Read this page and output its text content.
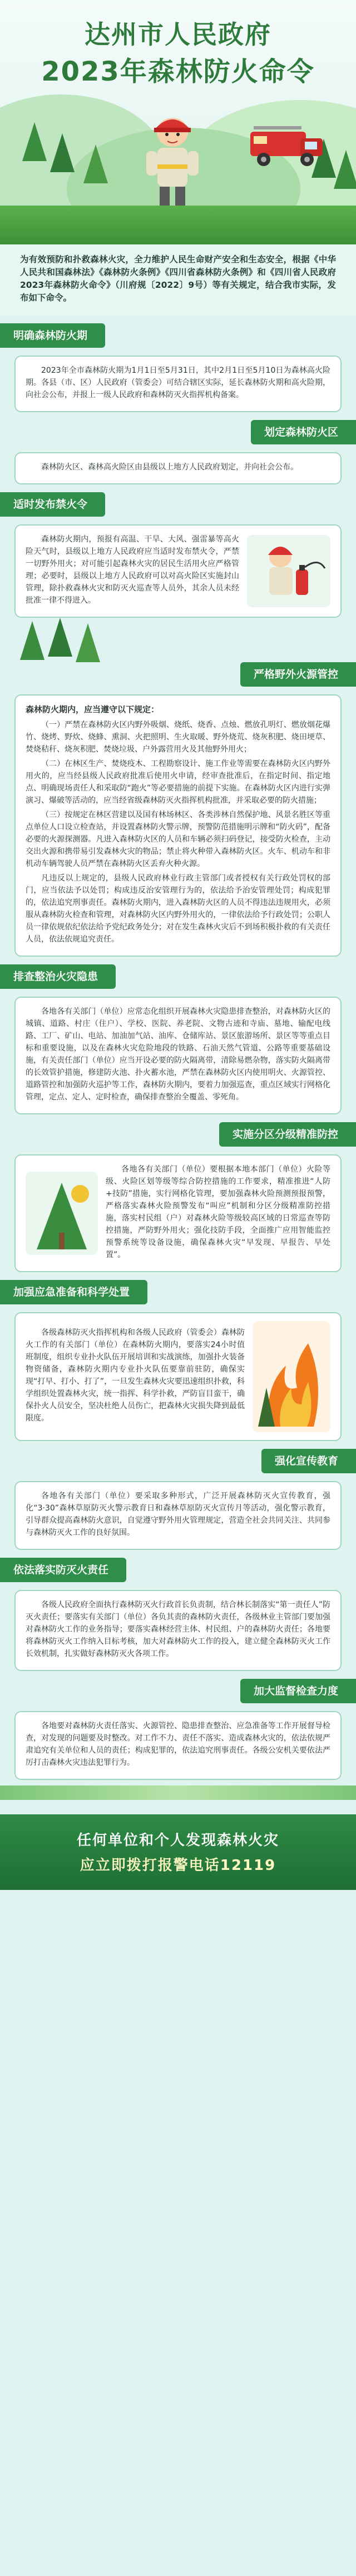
达州市人民政府
2023年森林防火命令
为有效预防和扑救森林火灾，全力维护人民生命财产安全和生态安全，根据《中华人民共和国森林法》《森林防火条例》《四川省森林防火条例》和《四川省人民政府2023年森林防火命令》（川府规〔2022〕9号）等有关规定，结合我市实际，发布如下命令。
明确森林防火期

2023年全市森林防火期为1月1日至5月31日，其中2月1日至5月10日为森林高火险期。各县（市、区）人民政府（管委会）可结合辖区实际，延长森林防火期和高火险期，向社会公布，并报上一级人民政府和森林防灭火指挥机构备案。

划定森林防火区

森林防火区、森林高火险区由县级以上地方人民政府划定，并向社会公布。

适时发布禁火令

森林防火期内，预报有高温、干旱、大风、强雷暴等高火险天气时，县级以上地方人民政府应当适时发布禁火令，严禁一切野外用火；对可能引起森林火灾的居民生活用火应严格管理；必要时，县级以上地方人民政府可以对高火险区实施封山管理，除扑救森林火灾和防灭火巡查等人员外，其余人员未经批准一律不得进入。

严格野外火源管控

森林防火期内，应当遵守以下规定：

（一）严禁在森林防火区内野外吸烟、烧纸、烧香、点烛、燃放孔明灯、燃放烟花爆竹、烧烤、野炊、烧蜂、熏洞、火把照明、生火取暖、野外烧荒、烧灰积肥、烧田埂草、焚烧秸秆、烧灰积肥、焚烧垃圾、户外露营用火及其他野外用火；

（二）在林区生产、焚烧疫木、工程勘察设计、施工作业等需要在森林防火区内野外用火的，应当经县级人民政府批准后使用火申请，经审查批准后，在指定时间、指定地点、明确现场责任人和采取防“跑火”等必要措施的前提下实施。在森林防火区内进行实弹演习、爆破等活动的，应当经省级森林防灭火指挥机构批准，并采取必要的防火措施；

（三）按规定在林区营建以及国有林场林区、各类涉林自然保护地、风景名胜区等重点单位人口设立检查站，并设置森林防火警示牌，预警防范措施明示牌和“防火码”，配备必要的火源探测器。凡进入森林防火区的人员和车辆必须扫码登记，接受防火检查，主动交出火源和携带易引发森林火灾的物品；禁止将火种带入森林防火区。火车、机动车和非机动车辆驾驶人员严禁在森林防火区丢弃火种火源。

凡违反以上规定的，县级人民政府林业行政主管部门或者授权有关行政处罚权的部门，应当依法予以处罚；构成违反治安管理行为的，依法给予治安管理处罚；构成犯罪的，依法追究刑事责任。森林防火期内，进入森林防火区的人员不得违法违规用火，必须服从森林防火检查和管理，对森林防火区内野外用火的，一律依法给予行政处罚；公职人员一律依规依纪依法给予党纪政务处分；对在发生森林火灾后不到场积极扑救的有关责任人员，依法依规追究责任。

排查整治火灾隐患

各地各有关部门（单位）应常态化组织开展森林火灾隐患排查整治，对森林防火区的城镇、道路、村庄（住户）、学校、医院、养老院、文物古迹和寺庙、墓地、输配电线路、工厂、矿山、电站、加油加气站、油库、仓储库站、景区旅游场所、景区等等重点目标和重要设施，以及在森林火灾危险地段的铁路、石油天然气管道、公路等重要基础设施，有关责任部门（单位）应当开设必要的防火隔离带，清除易燃杂物，落实防火隔离带的长效管护措施，修建防火池、扑火蓄水池，严禁在森林防火区内使用明火、火源管控、道路管控和加强防火巡护等工作，森林防火期内，要着力加强巡查，重点区域实行网格化管理，定点、定人、定时检查，确保排查整治全覆盖、零死角。

实施分区分级精准防控

各地各有关部门（单位）要根据本地本部门（单位）火险等级、火险区划等级等综合防控措施的工作要求，精准推进“人防+技防”措施，实行网格化管理，要加强森林火险预测预报预警，严格落实森林火险预警发布“叫应”机制和分区分级精准防控措施，落实村民组（户）对森林火险等级较高区域的日常巡查等防控措施，严防野外用火；强化技防手段，全面推广应用智能监控预警系统等设备设施，确保森林火灾“早发现、早报告、早处置”。

加强应急准备和科学处置

各级森林防灭火指挥机构和各级人民政府（管委会）森林防火工作的有关部门（单位）在森林防火期内，要落实24小时值班制度，组织专业扑火队伍开展培训和实战演练，加强扑火装备物资储备，森林防火期内专业扑火队伍要靠前驻防，确保实现“打早、打小、打了”，一旦发生森林火灾要迅速组织扑救，科学组织处置森林火灾，统一指挥、科学扑救，严防盲目蛮干，确保扑火人员安全，坚决杜绝人员伤亡，把森林火灾损失降到最低限度。

强化宣传教育

各地各有关部门（单位）要采取多种形式，广泛开展森林防灭火宣传教育，强化“3·30”森林草原防灭火警示教育日和森林草原防灭火宣传月等活动，强化警示教育，引导群众提高森林防火意识，自觉遵守野外用火管理规定，营造全社会共同关注、共同参与森林防灭火工作的良好氛围。

依法落实防灭火责任

各级人民政府全面执行森林防灭火行政首长负责制，结合林长制落实“第一责任人”防灭火责任；要落实有关部门（单位）各负其责的森林防火责任，各级林业主管部门要加强对森林防火工作的业务指导；要落实森林经营主体、村民组、户的森林防火责任；各地要将森林防灭火工作纳入目标考核，加大对森林防火工作的投入，建立健全森林防灭火工作长效机制，扎实做好森林防灭火各项工作。

加大监督检查力度

各地要对森林防火责任落实、火源管控、隐患排查整治、应急准备等工作开展督导检查，对发现的问题要及时整改。对工作不力、责任不落实、造成森林火灾的，依法依规严肃追究有关单位和人员的责任；构成犯罪的，依法追究刑事责任。各级公安机关要依法严厉打击森林火灾违法犯罪行为。

任何单位和个人发现森林火灾
应立即拨打报警电话12119
